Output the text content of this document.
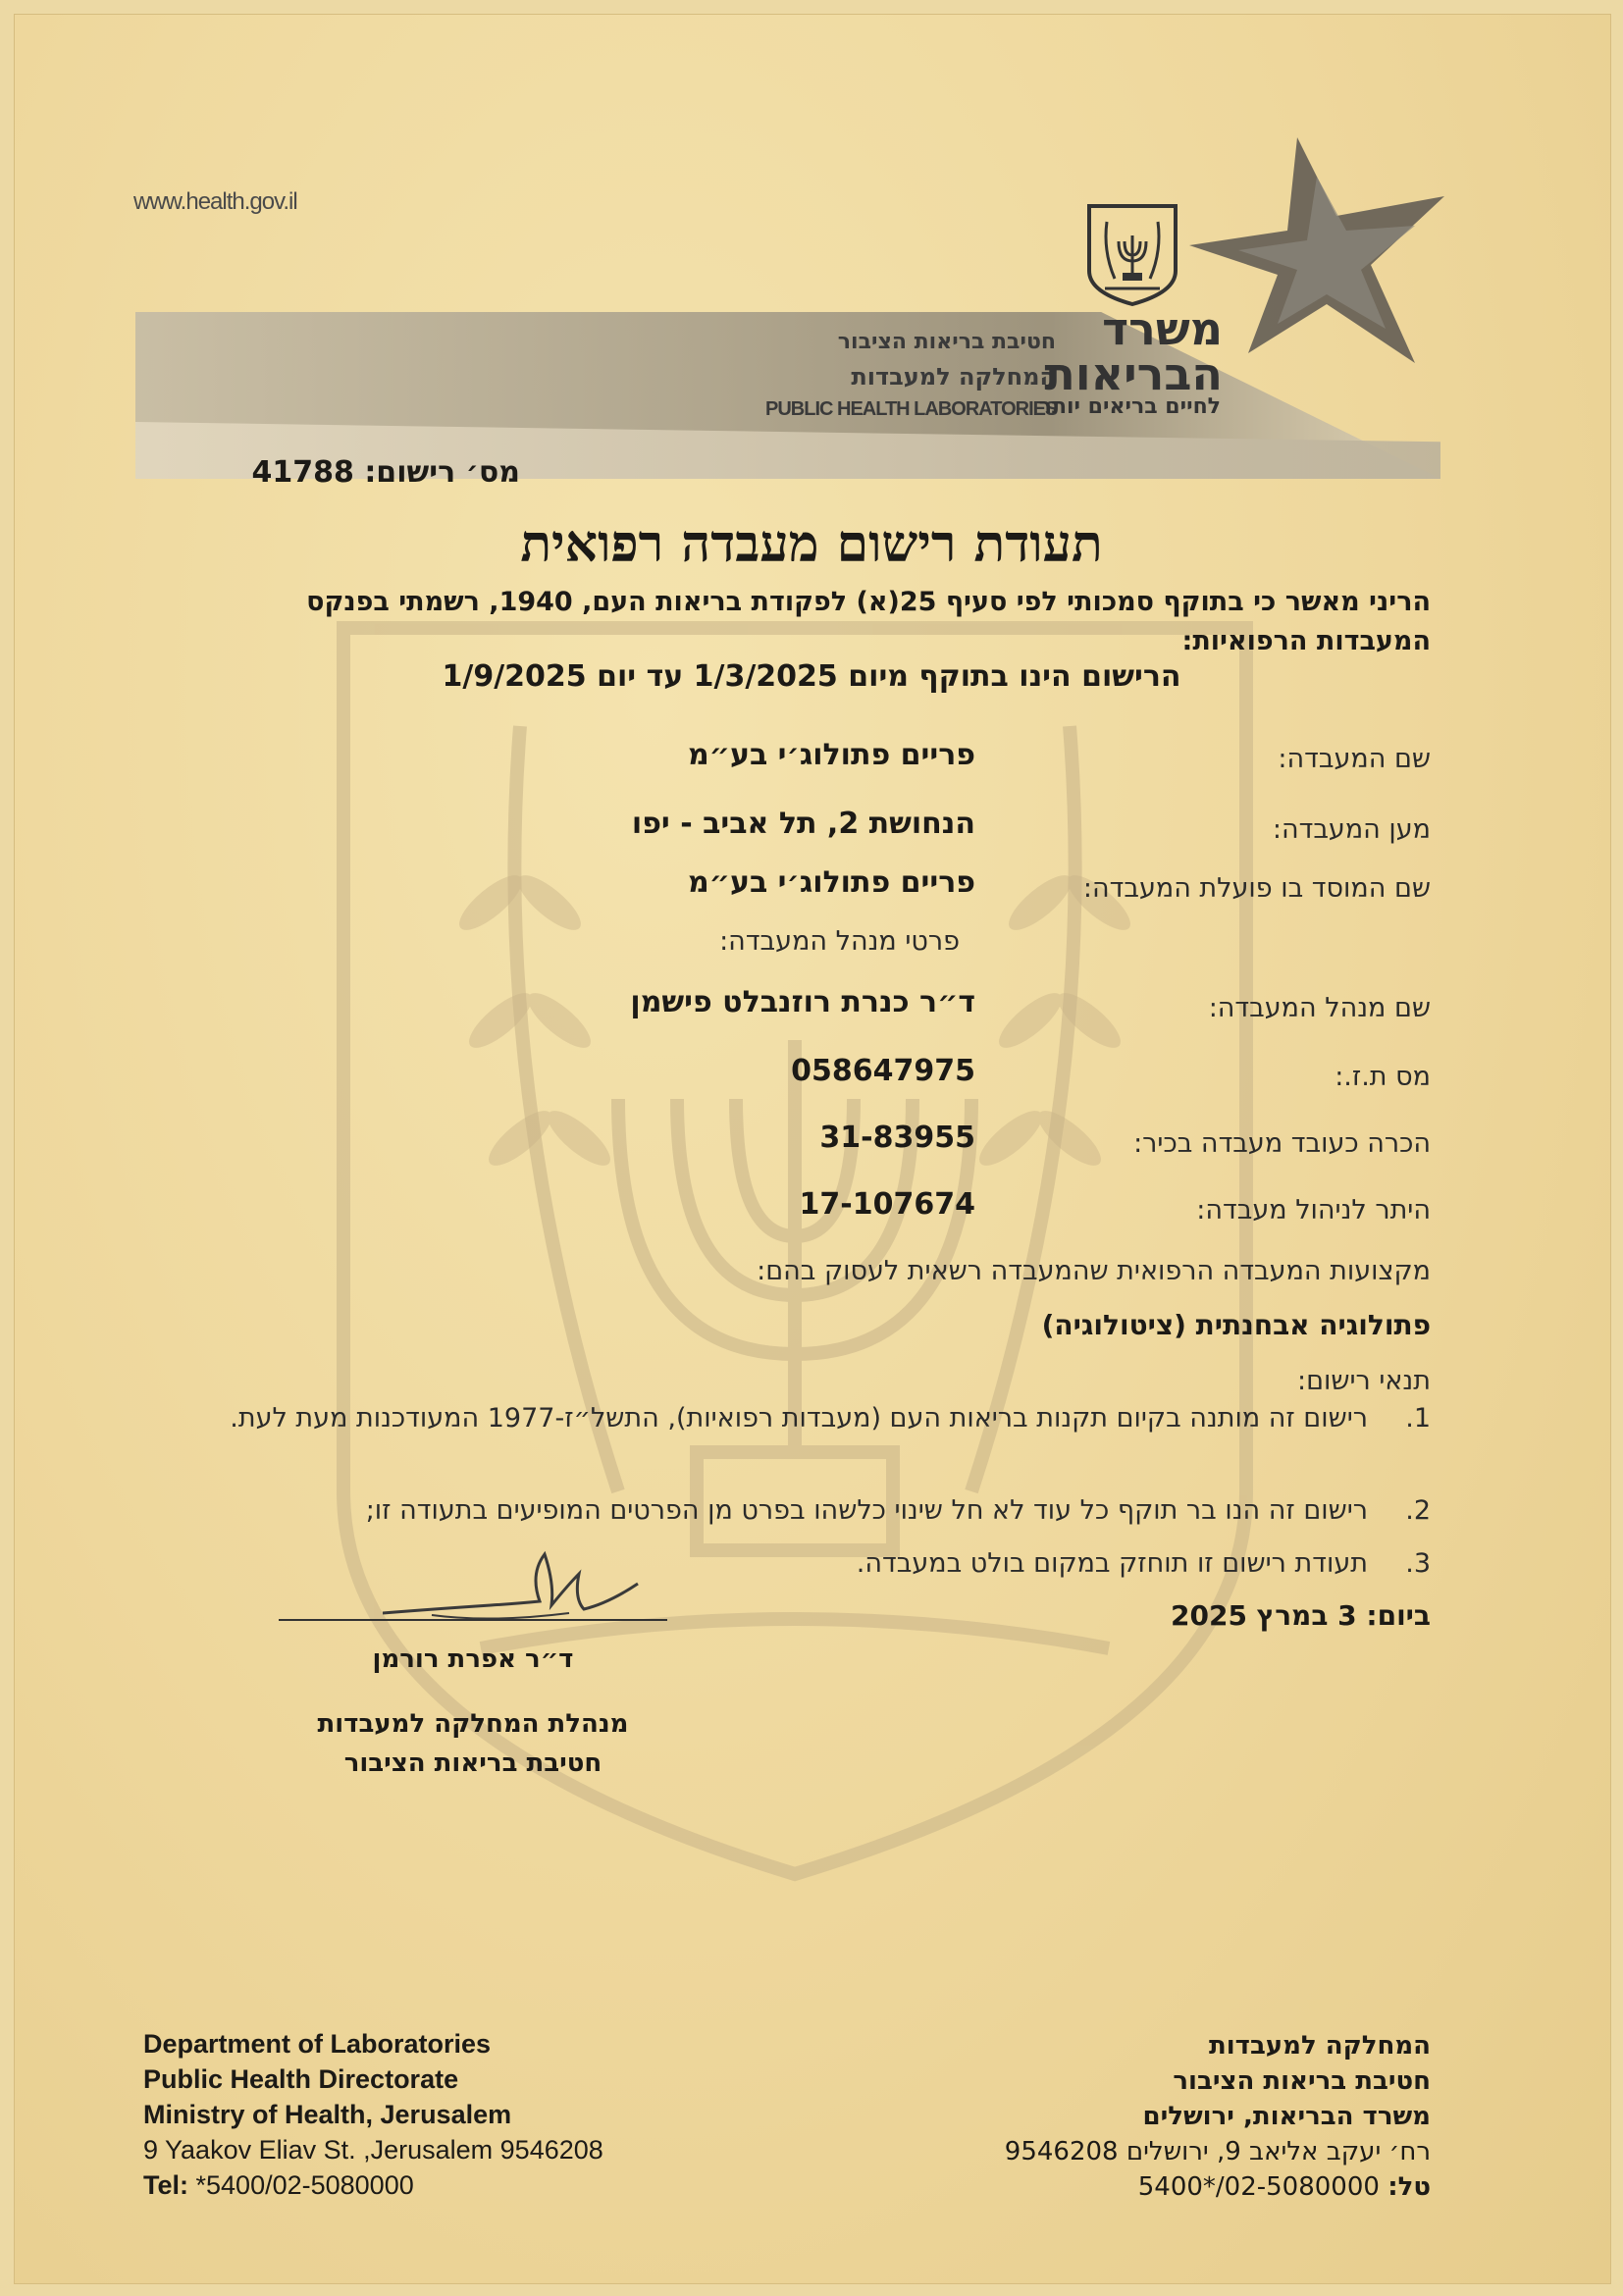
www.health.gov.il
חטיבת בריאות הציבור
המחלקה למעבדות
PUBLIC HEALTH LABORATORIES
משרד
הבריאות
לחיים בריאים יותר
מס׳ רישום: 41788
תעודת רישום מעבדה רפואית
הריני מאשר כי בתוקף סמכותי לפי סעיף 25(א) לפקודת בריאות העם, 1940, רשמתי בפנקס המעבדות הרפואיות:
הרישום הינו בתוקף מיום 1/3/2025 עד יום 1/9/2025
שם המעבדה:
פריים פתולוג׳י בע״מ
מען המעבדה:
הנחושת 2, תל אביב - יפו
שם המוסד בו פועלת המעבדה:
פריים פתולוג׳י בע״מ
פרטי מנהל המעבדה:
שם מנהל המעבדה:
ד״ר כנרת רוזנבלט פישמן
מס ת.ז.:
058647975
הכרה כעובד מעבדה בכיר:
31-83955
היתר לניהול מעבדה:
17-107674
מקצועות המעבדה הרפואית שהמעבדה רשאית לעסוק בהם:
פתולוגיה אבחנתית (ציטולוגיה)
תנאי רישום:
1.
רישום זה מותנה בקיום תקנות בריאות העם (מעבדות רפואיות), התשל״ז-1977 המעודכנות מעת לעת.
2.
רישום זה הנו בר תוקף כל עוד לא חל שינוי כלשהו בפרט מן הפרטים המופיעים בתעודה זו;
3.
תעודת רישום זו תוחזק במקום בולט במעבדה.
ביום: 3 במרץ 2025
ד״ר אפרת רורמן
מנהלת המחלקה למעבדות
חטיבת בריאות הציבור
Department of Laboratories
Public Health Directorate
Ministry of Health, Jerusalem
9 Yaakov Eliav St. ,Jerusalem 9546208
Tel: *5400/02-5080000
המחלקה למעבדות
חטיבת בריאות הציבור
משרד הבריאות, ירושלים
רח׳ יעקב אליאב 9, ירושלים 9546208
טל: 02-5080000/*5400
